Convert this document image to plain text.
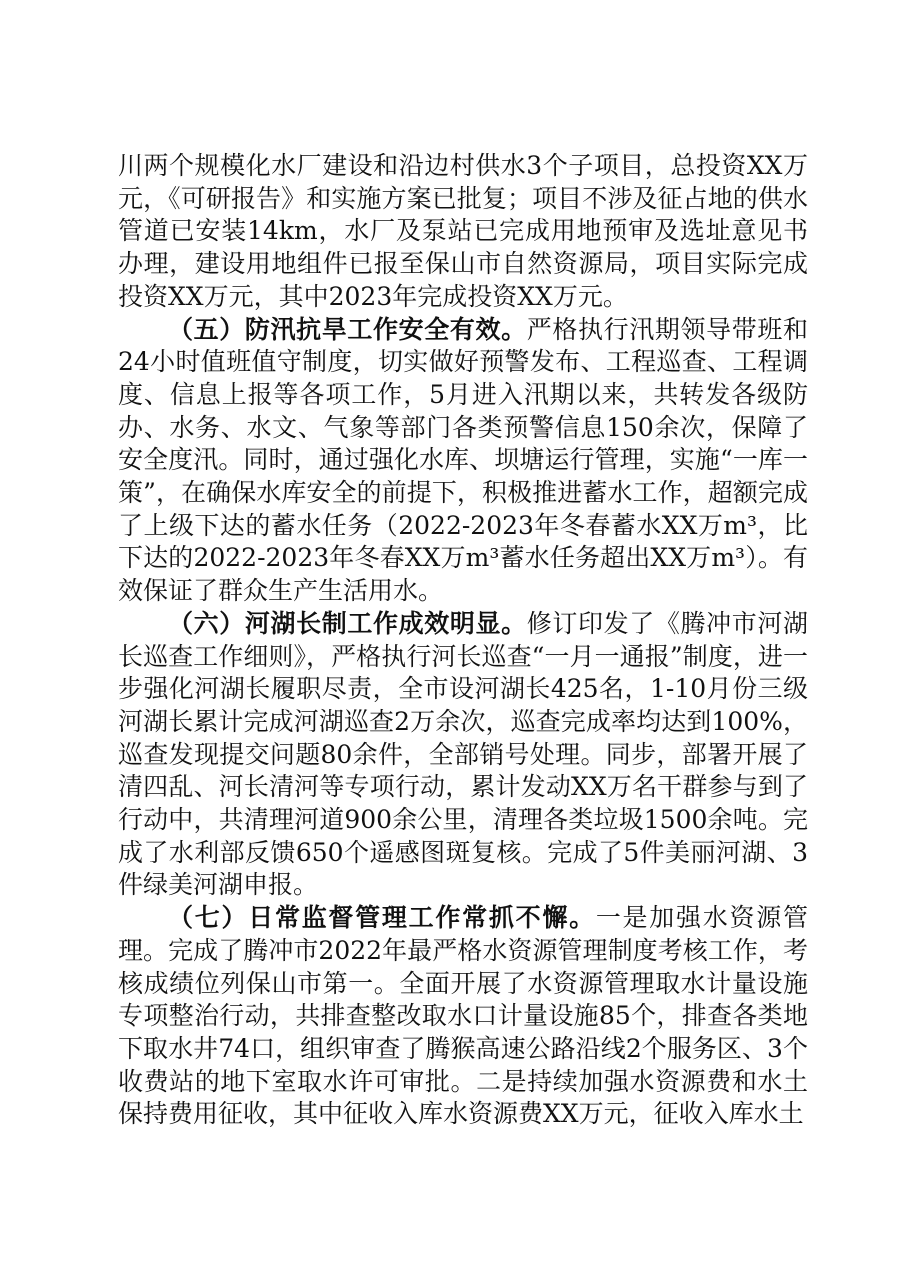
川两个规模化水厂建设和沿边村供水3个子项目，总投资XX万元，《可研报告》和实施方案已批复；项目不涉及征占地的供水管道已安装14km，水厂及泵站已完成用地预审及选址意见书办理，建设用地组件已报至保山市自然资源局，项目实际完成投资XX万元，其中2023年完成投资XX万元。

（五）防汛抗旱工作安全有效。严格执行汛期领导带班和24小时值班值守制度，切实做好预警发布、工程巡查、工程调度、信息上报等各项工作，5月进入汛期以来，共转发各级防办、水务、水文、气象等部门各类预警信息150余次，保障了安全度汛。同时，通过强化水库、坝塘运行管理，实施“一库一策”，在确保水库安全的前提下，积极推进蓄水工作，超额完成了上级下达的蓄水任务（2022-2023年冬春蓄水XX万m³，比下达的2022-2023年冬春XX万m³蓄水任务超出XX万m³）。有效保证了群众生产生活用水。

（六）河湖长制工作成效明显。修订印发了《腾冲市河湖长巡查工作细则》，严格执行河长巡查“一月一通报”制度，进一步强化河湖长履职尽责，全市设河湖长425名，1-10月份三级河湖长累计完成河湖巡查2万余次，巡查完成率均达到100%，巡查发现提交问题80余件，全部销号处理。同步，部署开展了清四乱、河长清河等专项行动，累计发动XX万名干群参与到了行动中，共清理河道900余公里，清理各类垃圾1500余吨。完成了水利部反馈650个遥感图斑复核。完成了5件美丽河湖、3件绿美河湖申报。

（七）日常监督管理工作常抓不懈。一是加强水资源管理。完成了腾冲市2022年最严格水资源管理制度考核工作，考核成绩位列保山市第一。全面开展了水资源管理取水计量设施专项整治行动，共排查整改取水口计量设施85个，排查各类地下取水井74口，组织审查了腾猴高速公路沿线2个服务区、3个收费站的地下室取水许可审批。二是持续加强水资源费和水土保持费用征收，其中征收入库水资源费XX万元，征收入库水土
